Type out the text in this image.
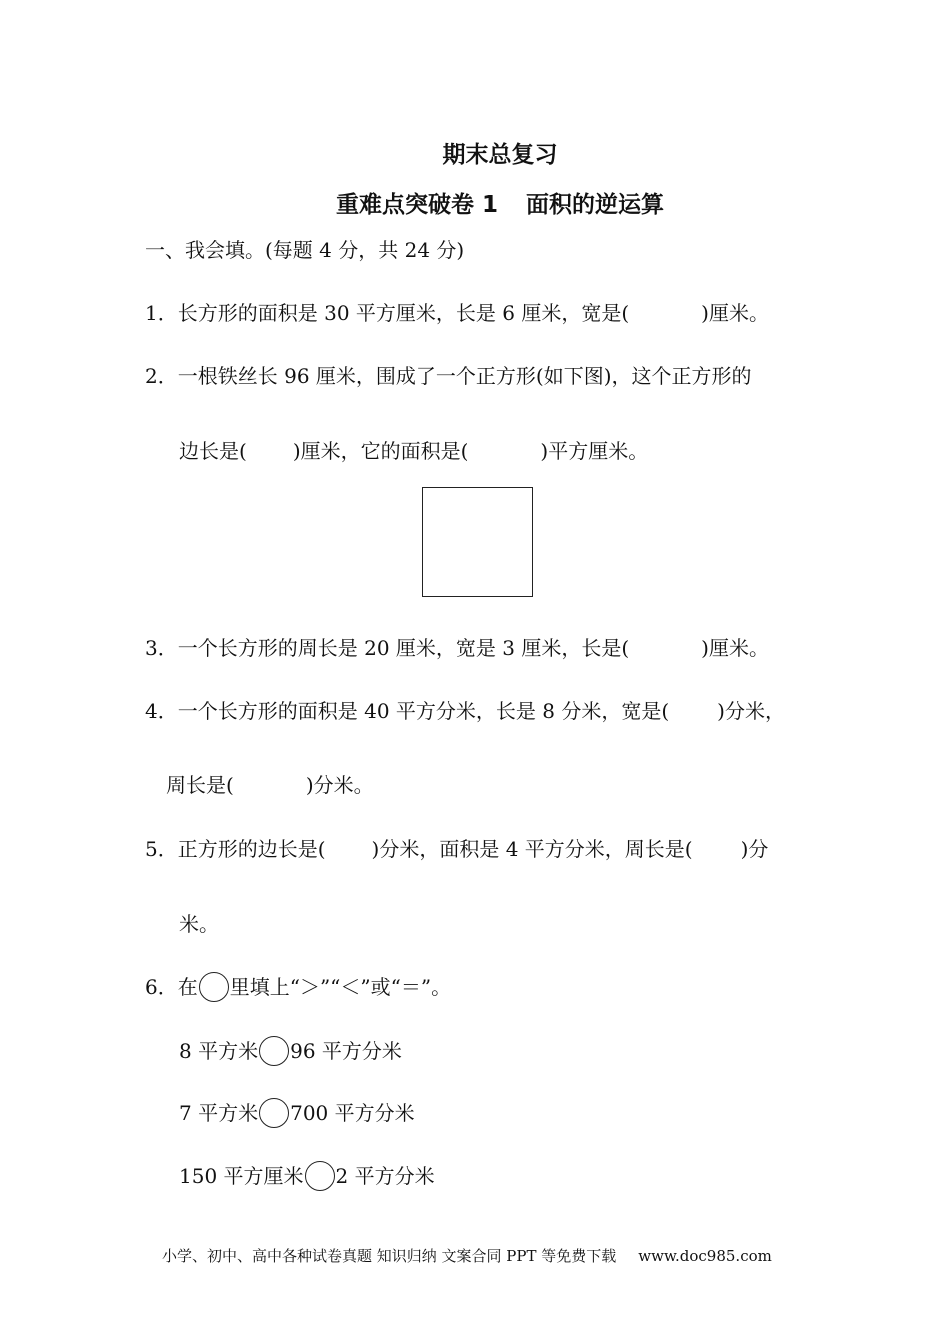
期末总复习
重难点突破卷 1 面积的逆运算
一、我会填。(每题 4 分，共 24 分)
1．长方形的面积是 30 平方厘米，长是 6 厘米，宽是(	)厘米。
2．一根铁丝长 96 厘米，围成了一个正方形(如下图)，这个正方形的
边长是( )厘米，它的面积是(	)平方厘米。
3．一个长方形的周长是 20 厘米，宽是 3 厘米，长是(	)厘米。
4．一个长方形的面积是 40 平方分米，长是 8 分米，宽是( )分米，
周长是(	)分米。
5．正方形的边长是( )分米，面积是 4 平方分米，周长是( )分
米。
6．在 里填上“＞”“＜”或“＝”。
8 平方米 96 平方分米
7 平方米 700 平方分米
150 平方厘米 2 平方分米
小学、初中、高中各种试卷真题 知识归纳 文案合同 PPT 等免费下载 www.doc985.com
